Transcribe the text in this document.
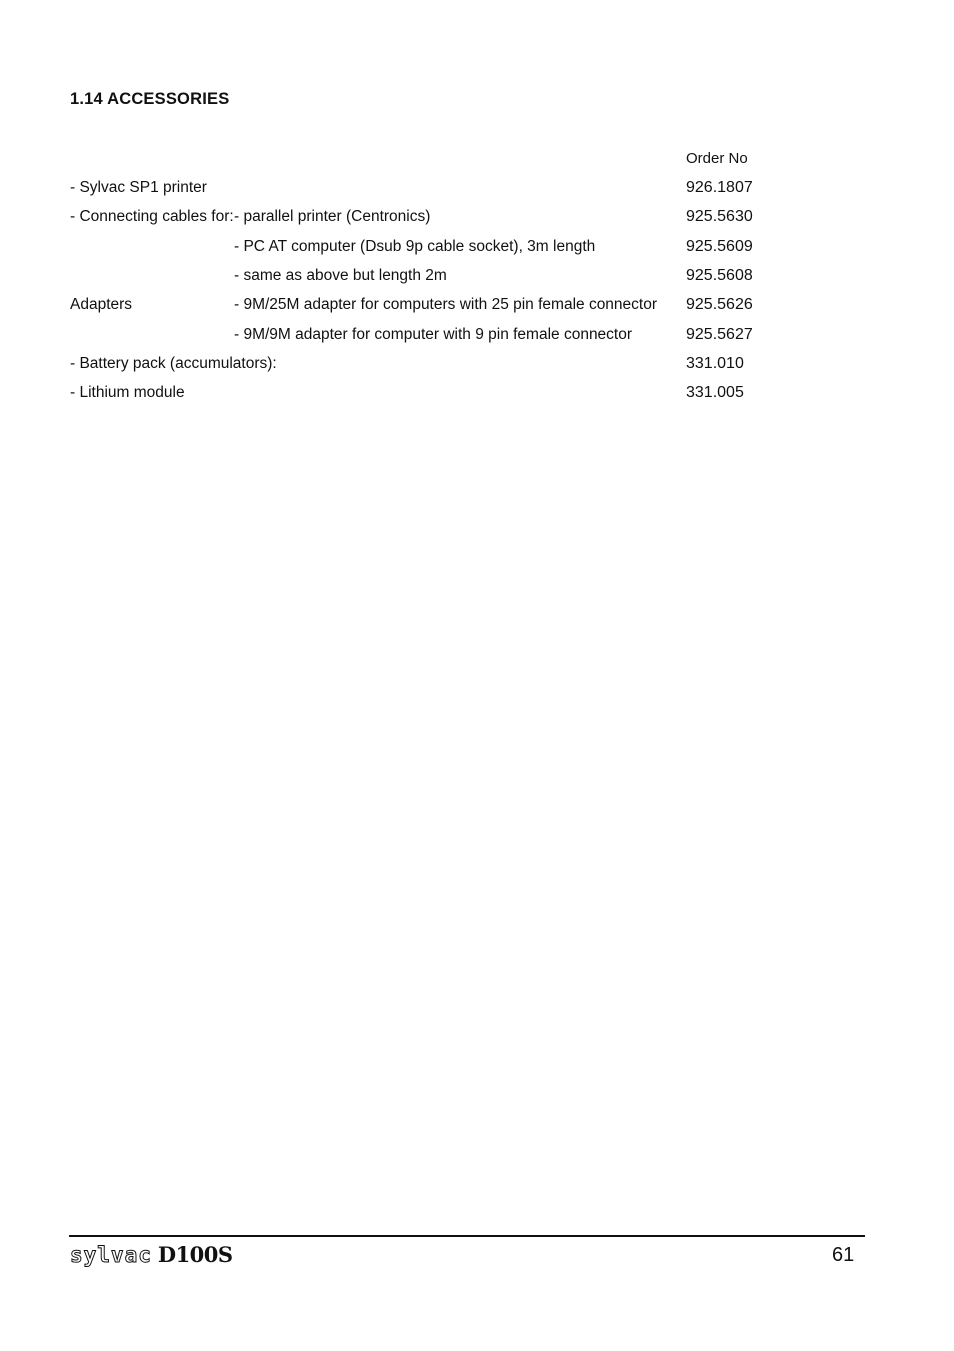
1.14 ACCESSORIES
Order No
- Sylvac SP1 printer	926.1807
- Connecting cables for: - parallel printer (Centronics)	925.5630
- PC AT computer (Dsub 9p cable socket), 3m length	925.5609
- same as above but length 2m	925.5608
Adapters	- 9M/25M adapter for computers with 25 pin female connector 925.5626
- 9M/9M adapter for computer with 9 pin female connector	925.5627
- Battery pack (accumulators):	331.010
- Lithium module	331.005
sylvac D100S	61
